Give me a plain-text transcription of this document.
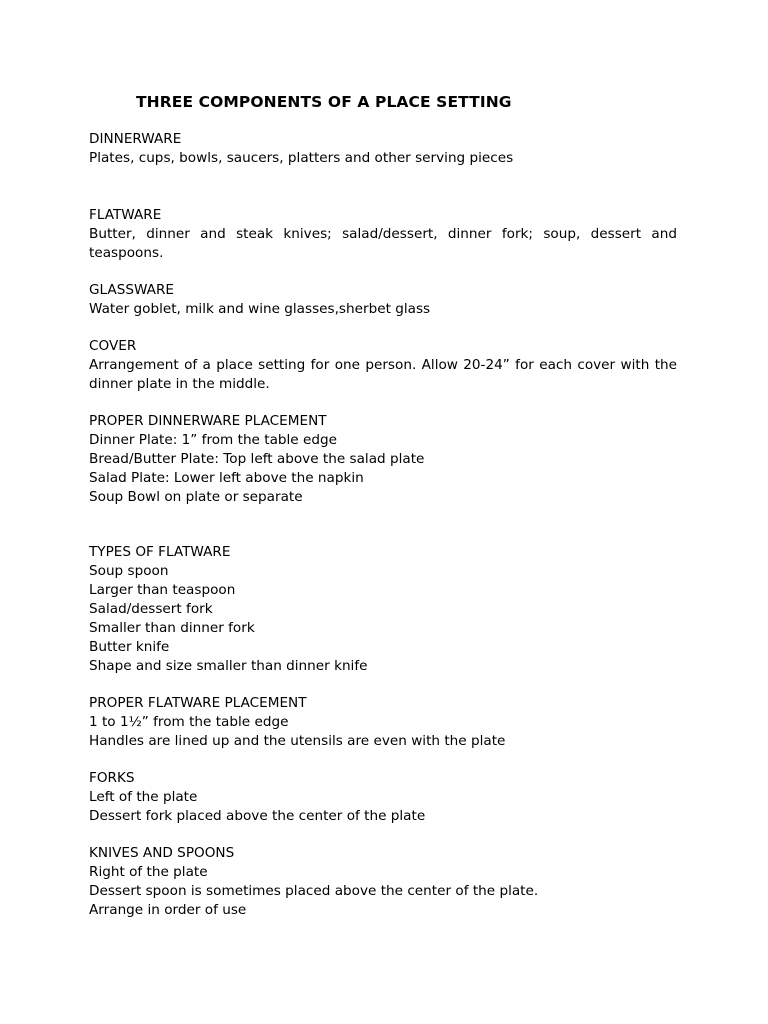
THREE COMPONENTS OF A PLACE SETTING
DINNERWARE
Plates, cups, bowls, saucers, platters and other serving pieces
FLATWARE
Butter, dinner and steak knives; salad/dessert, dinner fork; soup, dessert and teaspoons.
GLASSWARE
Water goblet, milk and wine glasses,sherbet glass
COVER
Arrangement of a place setting for one person. Allow 20-24” for each cover with the dinner plate in the middle.
PROPER DINNERWARE PLACEMENT
Dinner Plate: 1” from the table edge
Bread/Butter Plate: Top left above the salad plate
Salad Plate: Lower left above the napkin
Soup Bowl on plate or separate
TYPES OF FLATWARE
Soup spoon
Larger than teaspoon
Salad/dessert fork
Smaller than dinner fork
Butter knife
Shape and size smaller than dinner knife
PROPER FLATWARE PLACEMENT
1 to 1½” from the table edge
Handles are lined up and the utensils are even with the plate
FORKS
Left of the plate
Dessert fork placed above the center of the plate
KNIVES AND SPOONS
Right of the plate
Dessert spoon is sometimes placed above the center of the plate.
Arrange in order of use
